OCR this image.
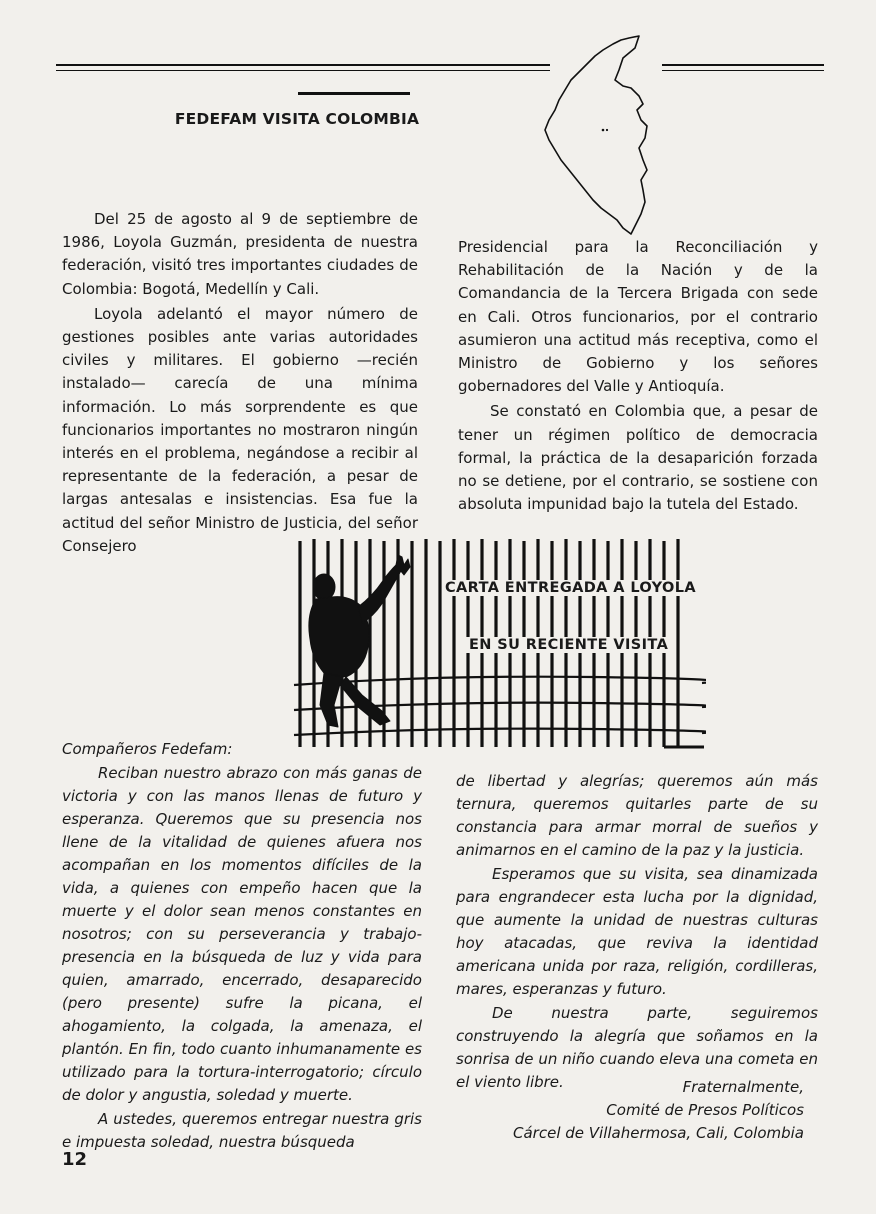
FEDEFAM VISITA COLOMBIA

Del 25 de agosto al 9 de septiembre de 1986, Loyola Guzmán, presidenta de nuestra federación, visitó tres importantes ciudades de Colombia: Bogotá, Medellín y Cali.

Loyola adelantó el mayor número de gestiones posibles ante varias autoridades civiles y militares. El gobierno —recién instalado— carecía de una mínima información. Lo más sorprendente es que funcionarios importantes no mostraron ningún interés en el problema, negándose a recibir al representante de la federación, a pesar de largas antesalas e insistencias. Esa fue la actitud del señor Ministro de Justicia, del señor Consejero

Presidencial para la Reconciliación y Rehabilitación de la Nación y de la Comandancia de la Tercera Brigada con sede en Cali. Otros funcionarios, por el contrario asumieron una actitud más receptiva, como el Ministro de Gobierno y los señores gobernadores del Valle y Antioquía.

Se constató en Colombia que, a pesar de tener un régimen político de democracia formal, la práctica de la desaparición forzada no se detiene, por el contrario, se sostiene con absoluta impunidad bajo la tutela del Estado.

CARTA ENTREGADA A LOYOLA
EN SU RECIENTE VISITA

Compañeros Fedefam:

Reciban nuestro abrazo con más ganas de victoria y con las manos llenas de futuro y esperanza. Queremos que su presencia nos llene de la vitalidad de quienes afuera nos acompañan en los momentos difíciles de la vida, a quienes con empeño hacen que la muerte y el dolor sean menos constantes en nosotros; con su perseverancia y trabajo-presencia en la búsqueda de luz y vida para quien, amarrado, encerrado, desaparecido (pero presente) sufre la picana, el ahogamiento, la colgada, la amenaza, el plantón. En fin, todo cuanto inhumanamente es utilizado para la tortura-interrogatorio; círculo de dolor y angustia, soledad y muerte.

A ustedes, queremos entregar nuestra gris e impuesta soledad, nuestra búsqueda

de libertad y alegrías; queremos aún más ternura, queremos quitarles parte de su constancia para armar morral de sueños y animarnos en el camino de la paz y la justicia.

Esperamos que su visita, sea dinamizada para engrandecer esta lucha por la dignidad, que aumente la unidad de nuestras culturas hoy atacadas, que reviva la identidad americana unida por raza, religión, cordilleras, mares, esperanzas y futuro.

De nuestra parte, seguiremos construyendo la alegría que soñamos en la sonrisa de un niño cuando eleva una cometa en el viento libre.	Fraternalmente,
Comité de Presos Políticos
Cárcel de Villahermosa, Cali, Colombia
12
